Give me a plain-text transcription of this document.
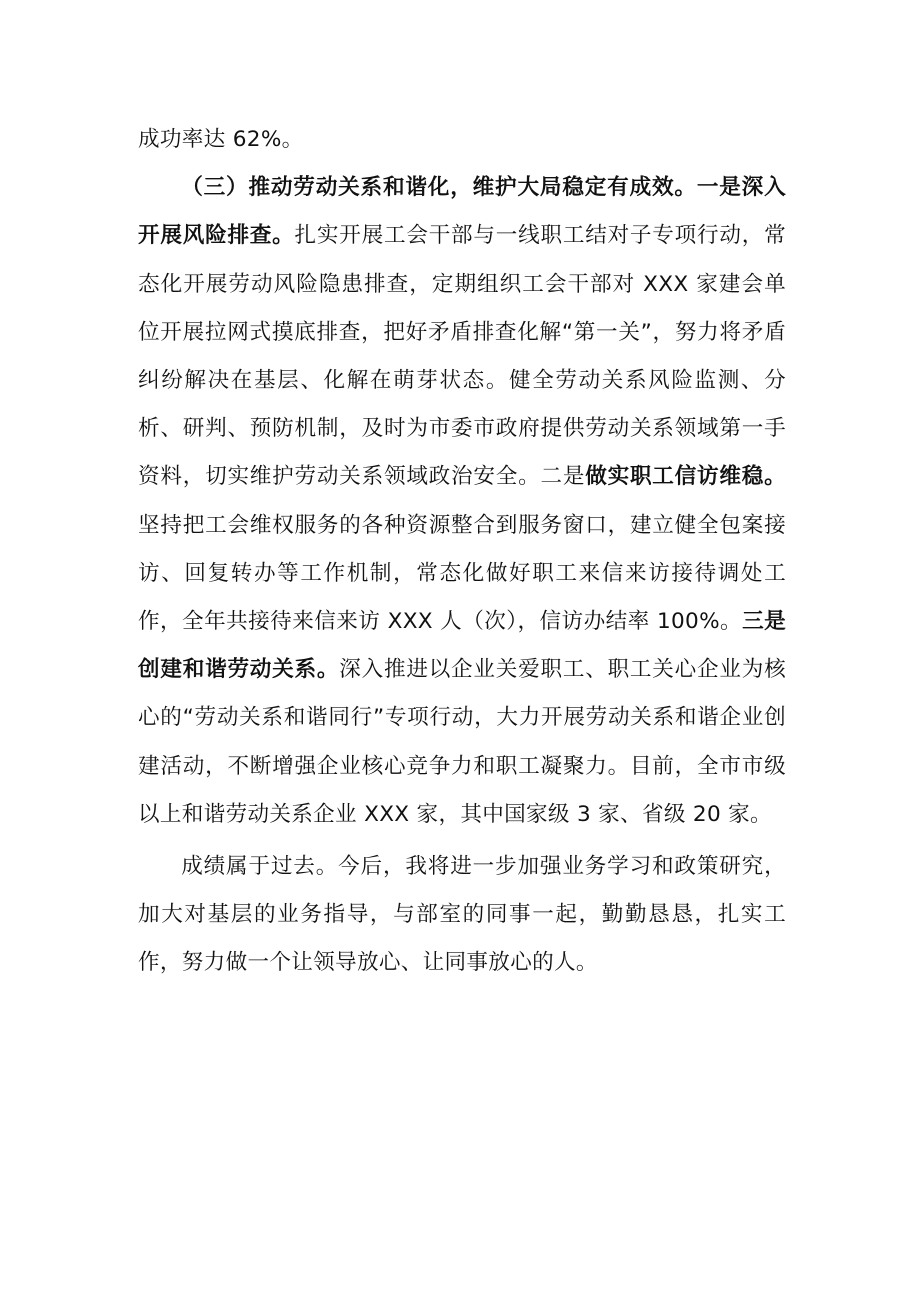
成功率达 62%。

（三）推动劳动关系和谐化，维护大局稳定有成效。一是深入开展风险排查。扎实开展工会干部与一线职工结对子专项行动，常态化开展劳动风险隐患排查，定期组织工会干部对 XXX 家建会单位开展拉网式摸底排查，把好矛盾排查化解“第一关”，努力将矛盾纠纷解决在基层、化解在萌芽状态。健全劳动关系风险监测、分析、研判、预防机制，及时为市委市政府提供劳动关系领域第一手资料，切实维护劳动关系领域政治安全。二是做实职工信访维稳。坚持把工会维权服务的各种资源整合到服务窗口，建立健全包案接访、回复转办等工作机制，常态化做好职工来信来访接待调处工作，全年共接待来信来访 XXX 人（次），信访办结率 100%。三是创建和谐劳动关系。深入推进以企业关爱职工、职工关心企业为核心的“劳动关系和谐同行”专项行动，大力开展劳动关系和谐企业创建活动，不断增强企业核心竞争力和职工凝聚力。目前，全市市级以上和谐劳动关系企业 XXX 家，其中国家级 3 家、省级 20 家。

成绩属于过去。今后，我将进一步加强业务学习和政策研究，加大对基层的业务指导，与部室的同事一起，勤勤恳恳，扎实工作，努力做一个让领导放心、让同事放心的人。
